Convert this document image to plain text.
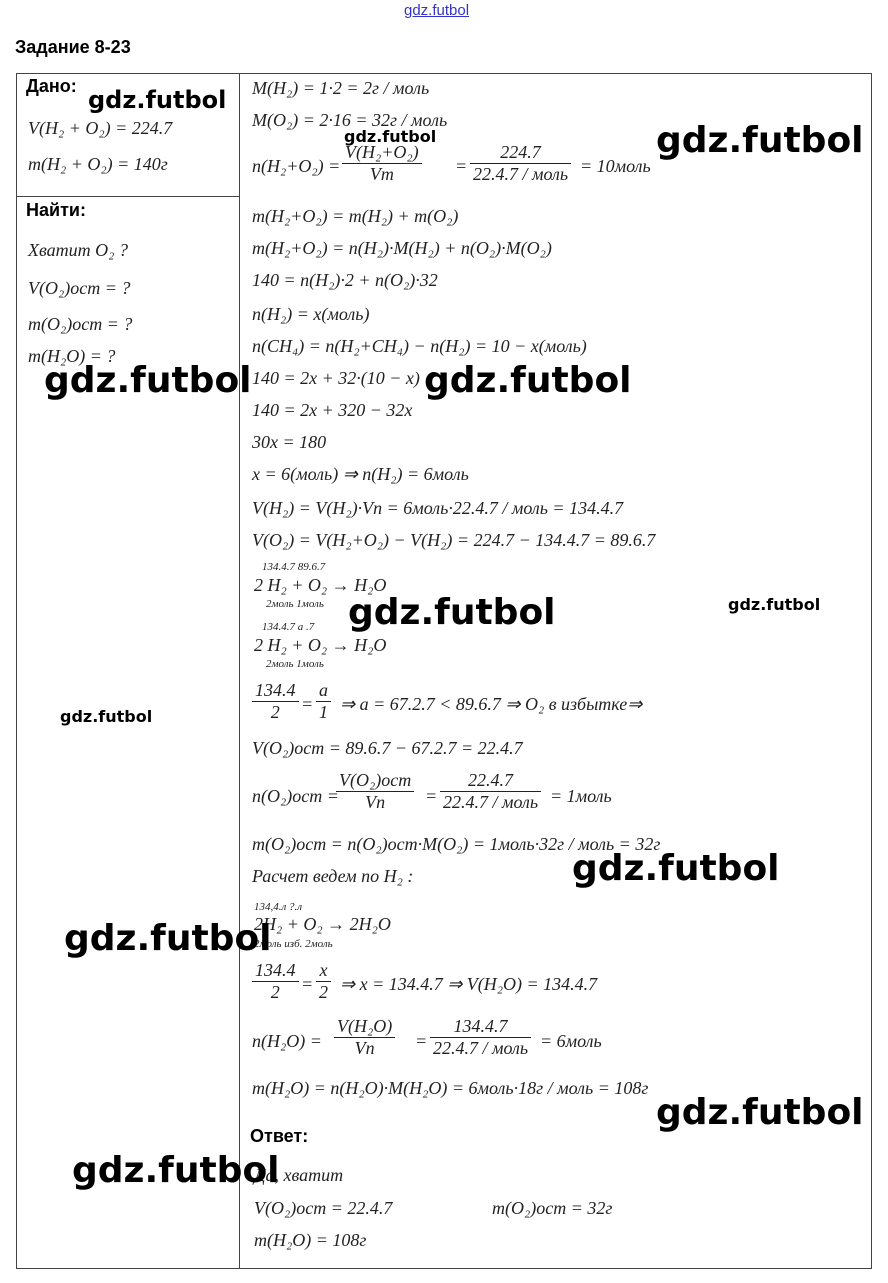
gdz.futbol
Задание 8-23
Дано:
V(H₂ + O₂) = 224.7
m(H₂ + O₂) = 140г
Найти:
Хватит O₂ ?
V(O₂)ост = ?
m(O₂)ост = ?
m(H₂O) = ?
M(H₂) = 1·2 = 2г / моль
M(O₂) = 2·16 = 32г / моль
$n(H_2+O_2) = \frac{\text{V(H₂+O₂)}}{Vm}$ =
224.7
22.4.7 / моль = 10моль
m(H₂+O₂) = m(H₂) + m(O₂)
m(H₂+O₂) = n(H₂)·M(H₂) + n(O₂)·M(O₂)
140 = n(H₂)·2 + n(O₂)·32
n(H₂) = x(моль)
n(CH₄) = n(H₂+CH₄) − n(H₂) = 10 − x(моль)
140 = 2x + 32·(10 − x)
140 = 2x + 320 − 32x
30x = 180
x = 6(моль) ⇒ n(H₂) = 6моль
V(H₂) = V(H₂)·Vn = 6моль·22.4.7 / моль = 134.4.7
V(O₂) = V(H₂+O₂) − V(H₂) = 224.7 − 134.4.7 = 89.6.7
134.4.7 89.6.7
2 H₂ + O₂ → H₂O
2моль 1моль
134.4.7 a .7
2 H₂ + O₂ → H₂O
2моль 1моль
$\frac{134.4}{2} = \frac{a}{1}$ ⇒ a = 67.2.7 < 89.6.7 ⇒ O₂ в избытке⇒
V(O₂)ост = 89.6.7 − 67.2.7 = 22.4.7
n(O₂)ост =
V(O₂)ост
Vn	=
22.4.7
22.4.7 / моль = 1моль
m(O₂)ост = n(O₂)ост·M(O₂) = 1моль·32г / моль = 32г
Расчет ведем по H₂ :
134,4.л ?.л
2H₂ + O₂ → 2H₂O
2моль изб. 2моль
$\frac{134.4}{2} = \frac{x}{2}$ ⇒ x = 134.4.7 ⇒ V(H₂O) = 134.4.7
$n(H_2O) = \frac{\text{V(H₂O)}}{Vn}$ =
134.4.7
22.4.7 / моль = 6моль
m(H₂O) = n(H₂O)·M(H₂O) = 6моль·18г / моль = 108г
Ответ:
Да, хватит
V(O₂)ост = 22.4.7	m(O₂)ост = 32г
m(H₂O) = 108г
gdz.futbol
gdz.futbol	gdz.futbol
gdz.futbol	gdz.futbol
gdz.futbol	gdz.futbol
gdz.futbol
gdz.futbol
gdz.futbol
gdz.futbol
gdz.futbol
